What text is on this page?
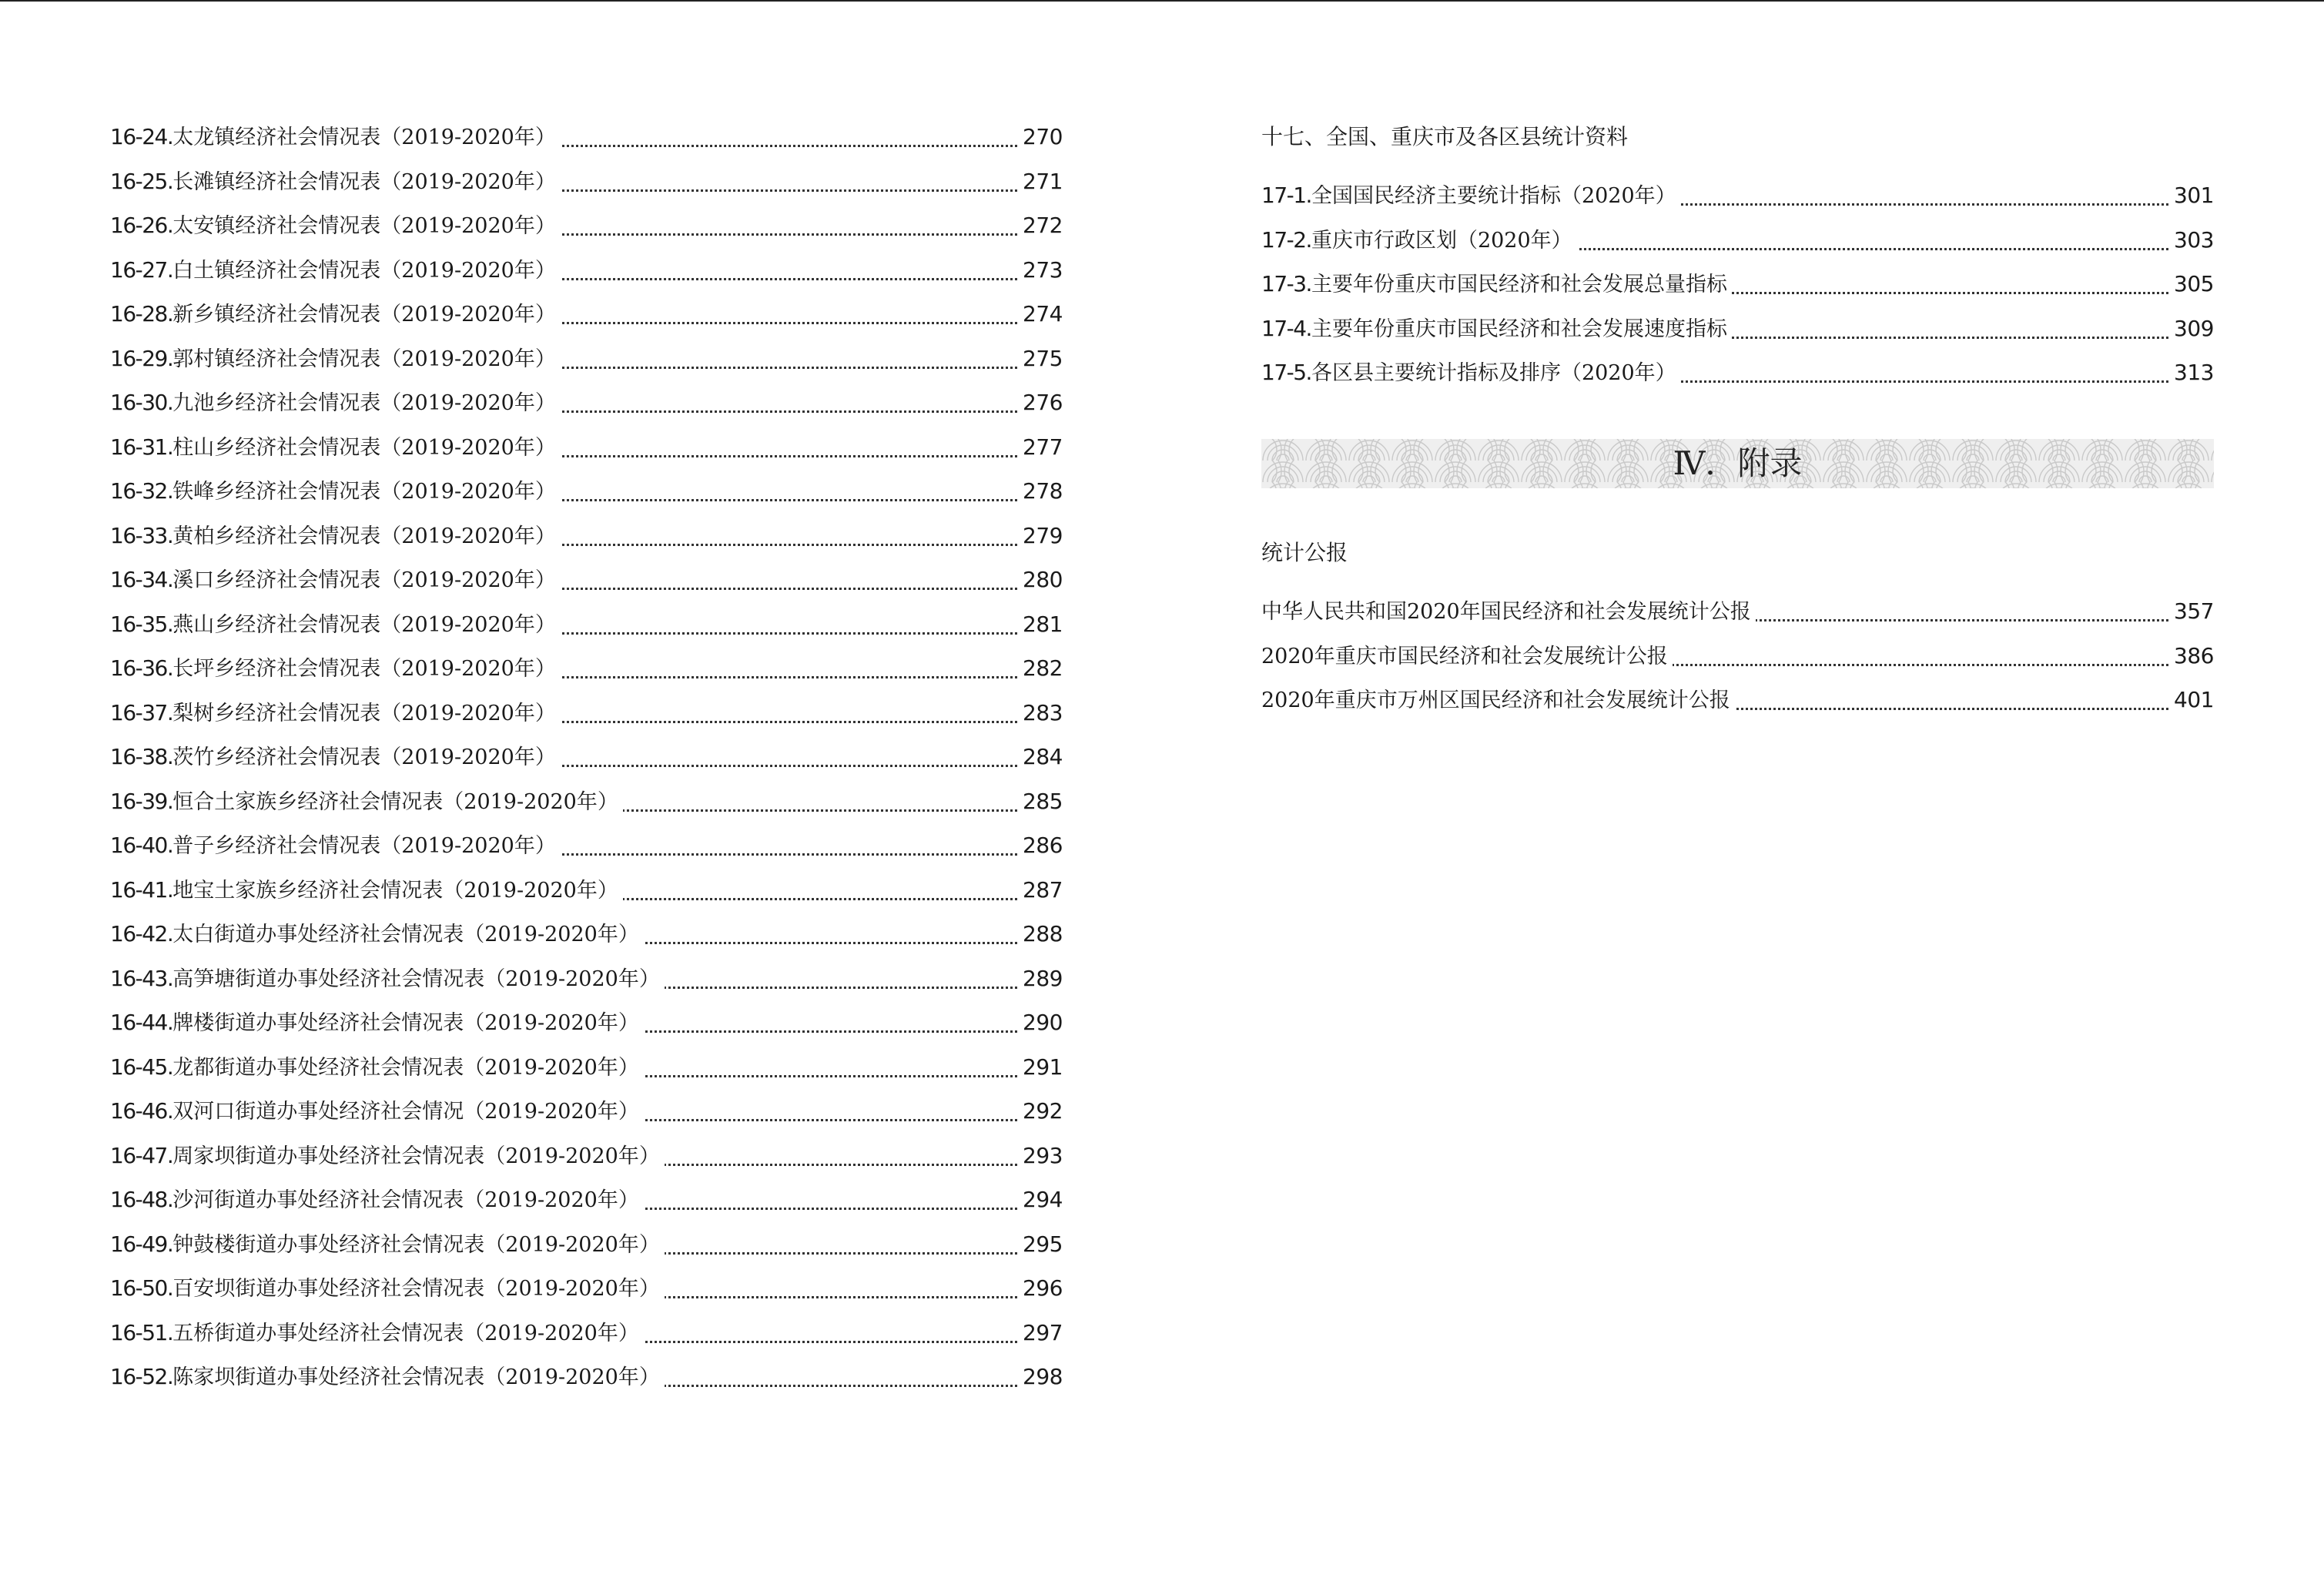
16-24.太龙镇经济社会情况表（2019-2020年）	270
16-25.长滩镇经济社会情况表（2019-2020年）	271
16-26.太安镇经济社会情况表（2019-2020年）	272
16-27.白土镇经济社会情况表（2019-2020年）	273
16-28.新乡镇经济社会情况表（2019-2020年）	274
16-29.郭村镇经济社会情况表（2019-2020年）	275
16-30.九池乡经济社会情况表（2019-2020年）	276
16-31.柱山乡经济社会情况表（2019-2020年）	277
16-32.铁峰乡经济社会情况表（2019-2020年）	278
16-33.黄柏乡经济社会情况表（2019-2020年）	279
16-34.溪口乡经济社会情况表（2019-2020年）	280
16-35.燕山乡经济社会情况表（2019-2020年）	281
16-36.长坪乡经济社会情况表（2019-2020年）	282
16-37.梨树乡经济社会情况表（2019-2020年）	283
16-38.茨竹乡经济社会情况表（2019-2020年）	284
16-39.恒合土家族乡经济社会情况表（2019-2020年）	285
16-40.普子乡经济社会情况表（2019-2020年）	286
16-41.地宝土家族乡经济社会情况表（2019-2020年）	287
16-42.太白街道办事处经济社会情况表（2019-2020年）	288
16-43.高笋塘街道办事处经济社会情况表（2019-2020年）	289
16-44.牌楼街道办事处经济社会情况表（2019-2020年）	290
16-45.龙都街道办事处经济社会情况表（2019-2020年）	291
16-46.双河口街道办事处经济社会情况（2019-2020年）	292
16-47.周家坝街道办事处经济社会情况表（2019-2020年）	293
16-48.沙河街道办事处经济社会情况表（2019-2020年）	294
16-49.钟鼓楼街道办事处经济社会情况表（2019-2020年）	295
16-50.百安坝街道办事处经济社会情况表（2019-2020年）	296
16-51.五桥街道办事处经济社会情况表（2019-2020年）	297
16-52.陈家坝街道办事处经济社会情况表（2019-2020年）	298
十七、全国、重庆市及各区县统计资料
17-1.全国国民经济主要统计指标（2020年）	301
17-2.重庆市行政区划（2020年）	303
17-3.主要年份重庆市国民经济和社会发展总量指标	305
17-4.主要年份重庆市国民经济和社会发展速度指标	309
17-5.各区县主要统计指标及排序（2020年）	313
Ⅳ．附录
统计公报
中华人民共和国2020年国民经济和社会发展统计公报	357
2020年重庆市国民经济和社会发展统计公报	386
2020年重庆市万州区国民经济和社会发展统计公报	401
